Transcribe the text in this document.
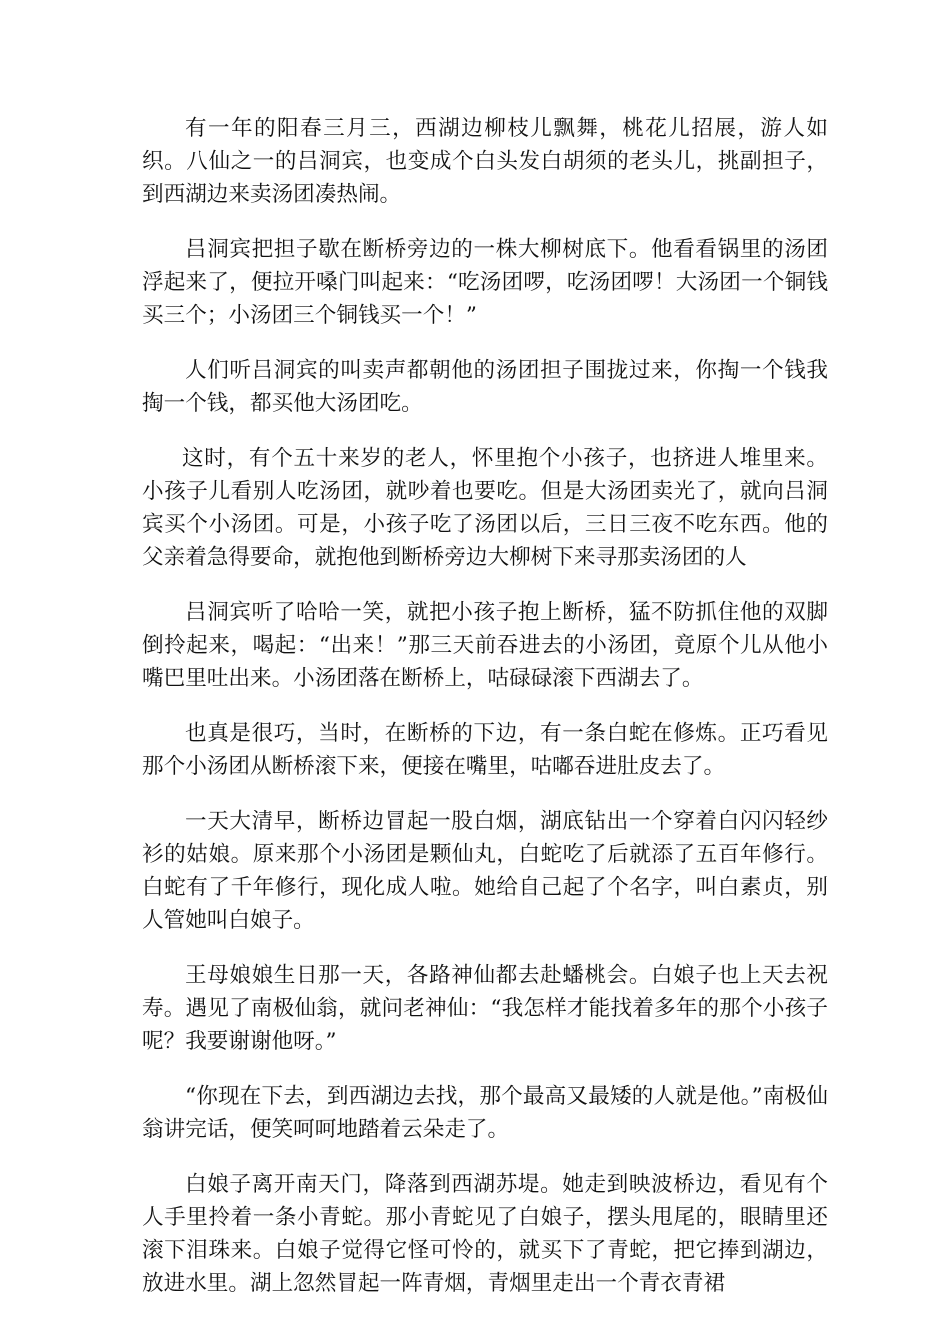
有一年的阳春三月三，西湖边柳枝儿飘舞，桃花儿招展，游人如织。八仙之一的吕洞宾，也变成个白头发白胡须的老头儿，挑副担子，到西湖边来卖汤团凑热闹。

吕洞宾把担子歇在断桥旁边的一株大柳树底下。他看看锅里的汤团浮起来了，便拉开嗓门叫起来：“吃汤团啰，吃汤团啰！大汤团一个铜钱买三个；小汤团三个铜钱买一个！”

人们听吕洞宾的叫卖声都朝他的汤团担子围拢过来，你掏一个钱我掏一个钱，都买他大汤团吃。

这时，有个五十来岁的老人，怀里抱个小孩子，也挤进人堆里来。小孩子儿看别人吃汤团，就吵着也要吃。但是大汤团卖光了，就向吕洞宾买个小汤团。可是，小孩子吃了汤团以后，三日三夜不吃东西。他的父亲着急得要命，就抱他到断桥旁边大柳树下来寻那卖汤团的人

吕洞宾听了哈哈一笑，就把小孩子抱上断桥，猛不防抓住他的双脚倒拎起来，喝起：“出来！”那三天前吞进去的小汤团，竟原个儿从他小嘴巴里吐出来。小汤团落在断桥上，咕碌碌滚下西湖去了。

也真是很巧，当时，在断桥的下边，有一条白蛇在修炼。正巧看见那个小汤团从断桥滚下来，便接在嘴里，咕嘟吞进肚皮去了。

一天大清早，断桥边冒起一股白烟，湖底钻出一个穿着白闪闪轻纱衫的姑娘。原来那个小汤团是颗仙丸，白蛇吃了后就添了五百年修行。白蛇有了千年修行，现化成人啦。她给自己起了个名字，叫白素贞，别人管她叫白娘子。

王母娘娘生日那一天，各路神仙都去赴蟠桃会。白娘子也上天去祝寿。遇见了南极仙翁，就问老神仙：“我怎样才能找着多年的那个小孩子呢？我要谢谢他呀。”

“你现在下去，到西湖边去找，那个最高又最矮的人就是他。”南极仙翁讲完话，便笑呵呵地踏着云朵走了。

白娘子离开南天门，降落到西湖苏堤。她走到映波桥边，看见有个人手里拎着一条小青蛇。那小青蛇见了白娘子，摆头甩尾的，眼睛里还滚下泪珠来。白娘子觉得它怪可怜的，就买下了青蛇，把它捧到湖边，放进水里。湖上忽然冒起一阵青烟，青烟里走出一个青衣青裙
